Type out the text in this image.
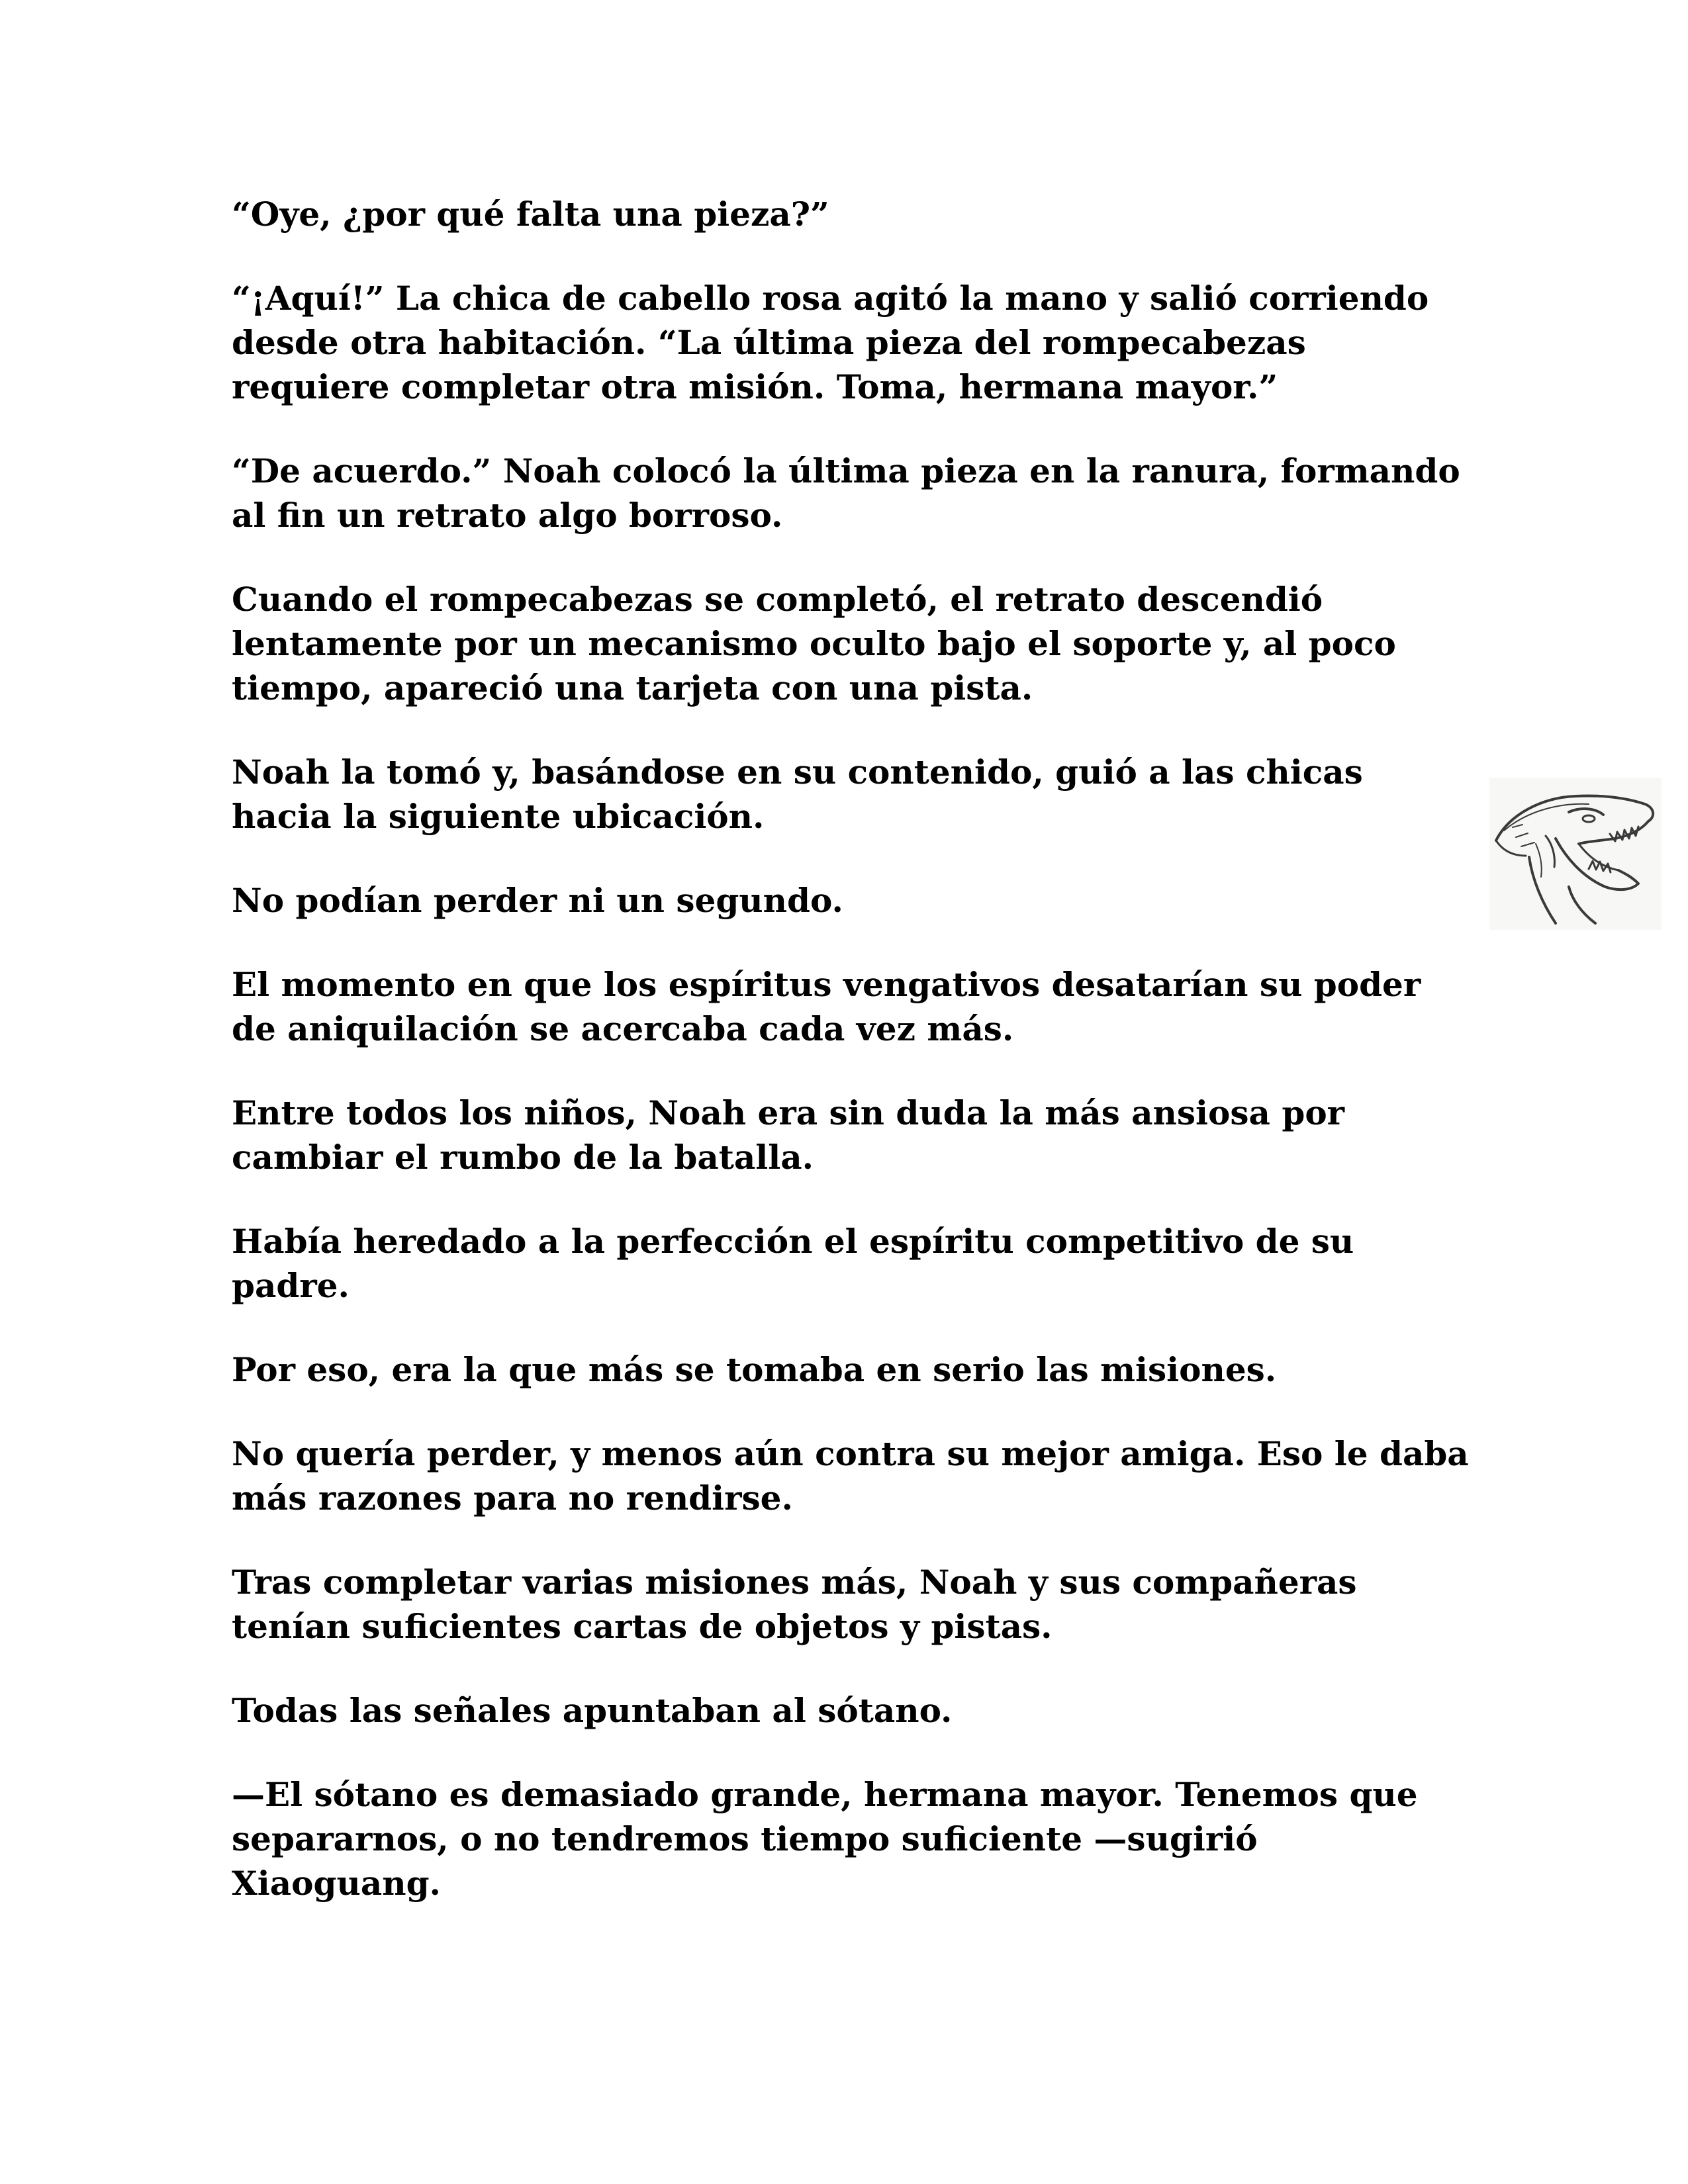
“Oye, ¿por qué falta una pieza?”

“¡Aquí!” La chica de cabello rosa agitó la mano y salió corriendo desde otra habitación. “La última pieza del rompecabezas requiere completar otra misión. Toma, hermana mayor.”

“De acuerdo.” Noah colocó la última pieza en la ranura, formando al fin un retrato algo borroso.

Cuando el rompecabezas se completó, el retrato descendió lentamente por un mecanismo oculto bajo el soporte y, al poco tiempo, apareció una tarjeta con una pista.

Noah la tomó y, basándose en su contenido, guió a las chicas hacia la siguiente ubicación.

No podían perder ni un segundo.

El momento en que los espíritus vengativos desatarían su poder de aniquilación se acercaba cada vez más.

Entre todos los niños, Noah era sin duda la más ansiosa por cambiar el rumbo de la batalla.

Había heredado a la perfección el espíritu competitivo de su padre.

Por eso, era la que más se tomaba en serio las misiones.

No quería perder, y menos aún contra su mejor amiga. Eso le daba más razones para no rendirse.

Tras completar varias misiones más, Noah y sus compañeras tenían suficientes cartas de objetos y pistas.

Todas las señales apuntaban al sótano.

—El sótano es demasiado grande, hermana mayor. Tenemos que separarnos, o no tendremos tiempo suficiente —sugirió Xiaoguang.
